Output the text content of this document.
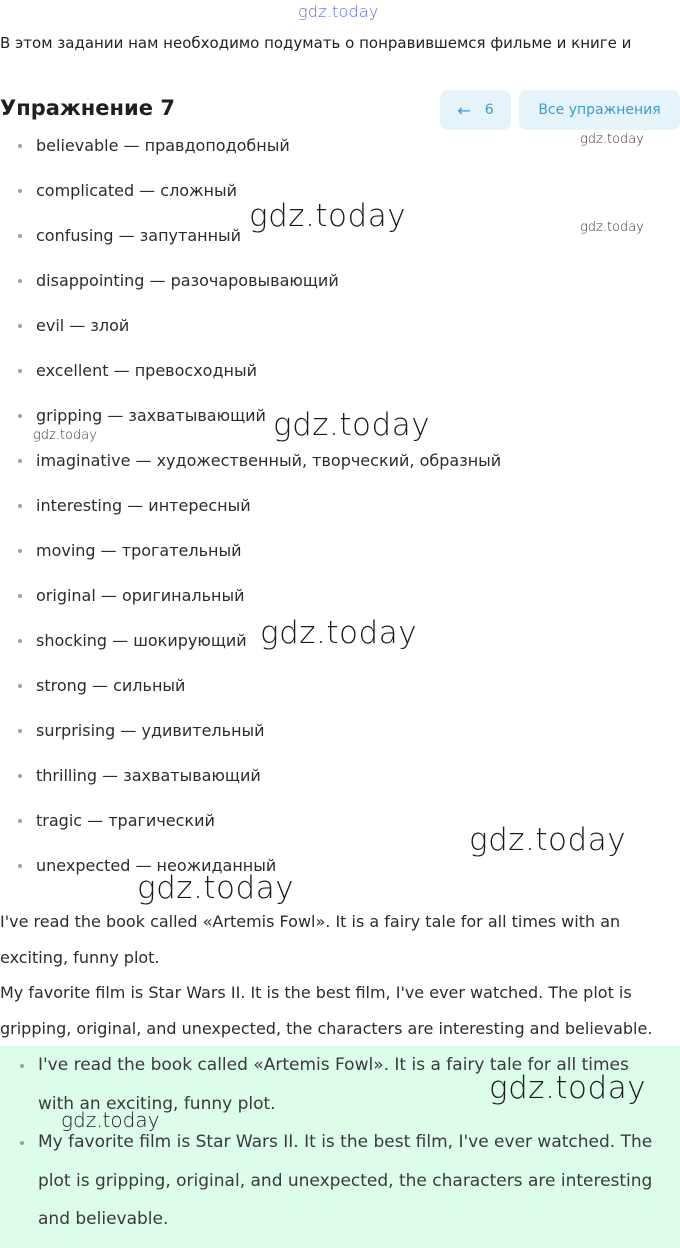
gdz.today
В этом задании нам необходимо подумать о понравившемся фильме и книге и
Упражнение 7	← 6	Все упражнения
believable — правдоподобный
complicated — сложный
confusing — запутанный
disappointing — разочаровывающий
evil — злой
excellent — превосходный
gripping — захватывающий
imaginative — художественный, творческий, образный
interesting — интересный
moving — трогательный
original — оригинальный
shocking — шокирующий
strong — сильный
surprising — удивительный
thrilling — захватывающий
tragic — трагический
unexpected — неожиданный
I've read the book called «Artemis Fowl». It is a fairy tale for all times with an
exciting, funny plot.
My favorite film is Star Wars II. It is the best film, I've ever watched. The plot is
gripping, original, and unexpected, the characters are interesting and believable.
I've read the book called «Artemis Fowl». It is a fairy tale for all times with an exciting, funny plot.
My favorite film is Star Wars II. It is the best film, I've ever watched. The plot is gripping, original, and unexpected, the characters are interesting and believable.
gdz.today
gdz.today	gdz.today
gdz.today
gdz.today
gdz.today
gdz.today
gdz.today
gdz.today
gdz.today
